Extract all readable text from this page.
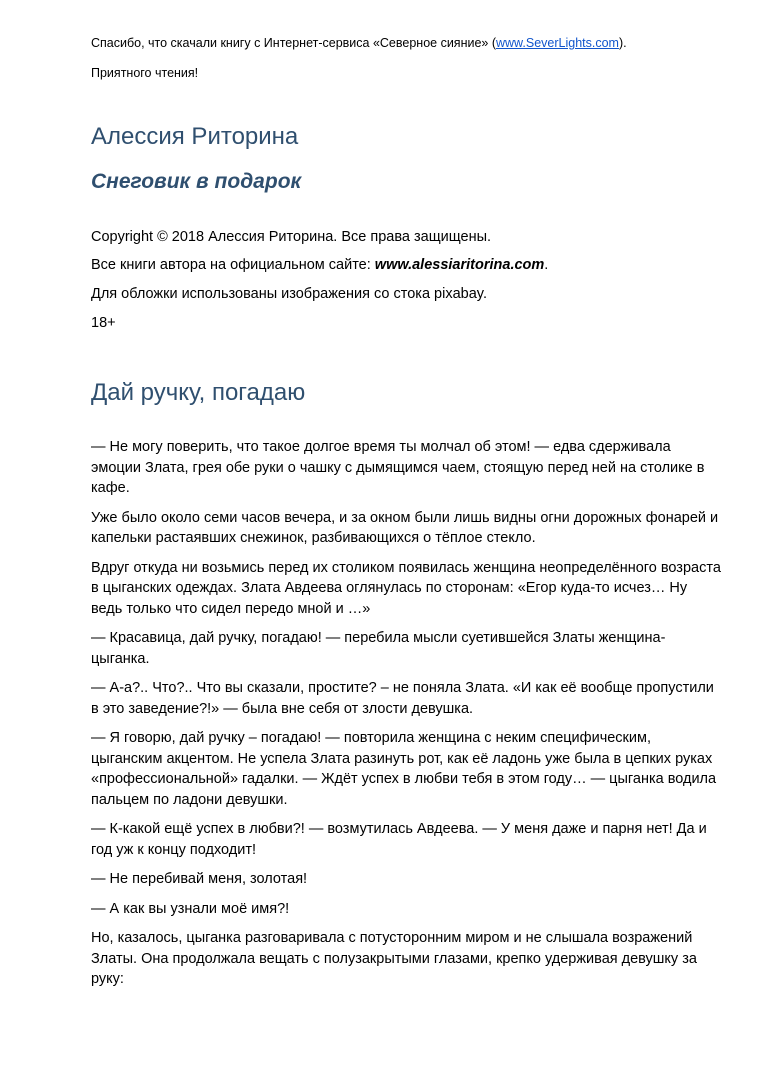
Спасибо, что скачали книгу с Интернет-сервиса «Северное сияние» (www.SeverLights.com).

Приятного чтения!

Алессия Риторина
Снеговик в подарок

Copyright © 2018 Алессия Риторина. Все права защищены.

Все книги автора на официальном сайте: www.alessiaritorina.com.

Для обложки использованы изображения со стока pixabay.

18+

Дай ручку, погадаю

— Не могу поверить, что такое долгое время ты молчал об этом! — едва сдерживала эмоции Злата, грея обе руки о чашку с дымящимся чаем, стоящую перед ней на столике в кафе.

Уже было около семи часов вечера, и за окном были лишь видны огни дорожных фонарей и капельки растаявших снежинок, разбивающихся о тёплое стекло.

Вдруг откуда ни возьмись перед их столиком появилась женщина неопределённого возраста в цыганских одеждах. Злата Авдеева оглянулась по сторонам: «Егор куда-то исчез… Ну ведь только что сидел передо мной и …»

— Красавица, дай ручку, погадаю! — перебила мысли суетившейся Златы женщина-цыганка.

— А-а?.. Что?.. Что вы сказали, простите? – не поняла Злата. «И как её вообще пропустили в это заведение?!» — была вне себя от злости девушка.

— Я говорю, дай ручку – погадаю! — повторила женщина с неким специфическим, цыганским акцентом. Не успела Злата разинуть рот, как её ладонь уже была в цепких руках «профессиональной» гадалки. — Ждёт успех в любви тебя в этом году… — цыганка водила пальцем по ладони девушки.

— К-какой ещё успех в любви?! — возмутилась Авдеева. — У меня даже и парня нет! Да и год уж к концу подходит!

— Не перебивай меня, золотая!

— А как вы узнали моё имя?!

Но, казалось, цыганка разговаривала с потусторонним миром и не слышала возражений Златы. Она продолжала вещать с полузакрытыми глазами, крепко удерживая девушку за руку:
